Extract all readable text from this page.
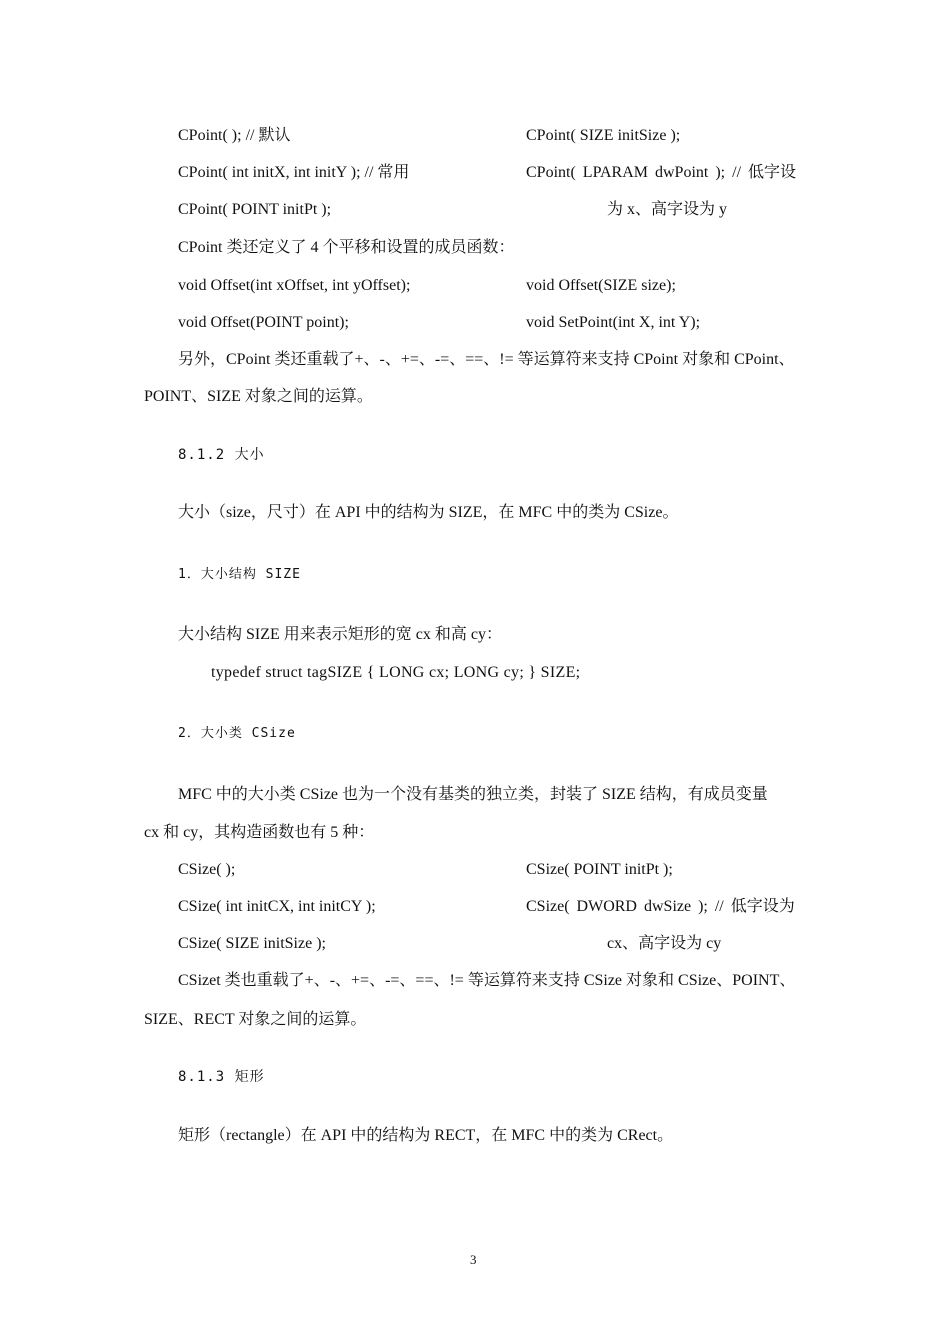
CPoint( ); // 默认	CPoint( SIZE initSize );
CPoint( int initX, int initY ); // 常用	CPoint( LPARAM dwPoint ); // 低字设
CPoint( POINT initPt );	为 x、高字设为 y
CPoint 类还定义了 4 个平移和设置的成员函数：
void Offset(int xOffset, int yOffset);	void Offset(SIZE size);
void Offset(POINT point);	void SetPoint(int X, int Y);
另外，CPoint 类还重载了+、-、+=、-=、==、!= 等运算符来支持 CPoint 对象和 CPoint、
POINT、SIZE 对象之间的运算。
8.1.2 大小
大小（size，尺寸）在 API 中的结构为 SIZE，在 MFC 中的类为 CSize。
1．大小结构 SIZE
大小结构 SIZE 用来表示矩形的宽 cx 和高 cy：
typedef struct tagSIZE { LONG cx; LONG cy; } SIZE;
2．大小类 CSize
MFC 中的大小类 CSize 也为一个没有基类的独立类，封装了 SIZE 结构，有成员变量
cx 和 cy，其构造函数也有 5 种：
CSize( );	CSize( POINT initPt );
CSize( int initCX, int initCY );	CSize( DWORD dwSize ); // 低字设为
CSize( SIZE initSize );	cx、高字设为 cy
CSizet 类也重载了+、-、+=、-=、==、!= 等运算符来支持 CSize 对象和 CSize、POINT、
SIZE、RECT 对象之间的运算。
8.1.3 矩形
矩形（rectangle）在 API 中的结构为 RECT，在 MFC 中的类为 CRect。
3
